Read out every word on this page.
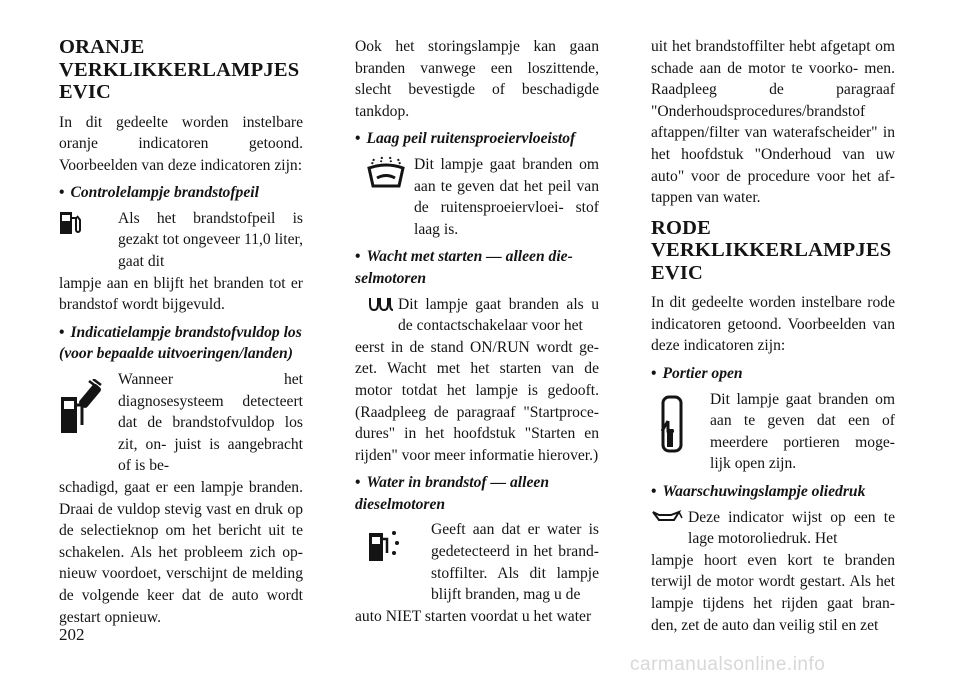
ORANJE VERKLIKKERLAMPJES EVIC

In dit gedeelte worden instelbare oranje indicatoren getoond. Voorbeelden van deze indicatoren zijn:

• Controlelampje brandstofpeil

Als het brandstofpeil is gezakt tot ongeveer 11,0 liter, gaat dit

lampje aan en blijft het branden tot er brandstof wordt bijgevuld.

• Indicatielampje brandstofvuldop los (voor bepaalde uitvoeringen/landen)

Wanneer het diagnosesysteem detecteert dat de brandstofvuldop los zit, on- juist is aangebracht of is be-

schadigd, gaat er een lampje branden. Draai de vuldop stevig vast en druk op de selectieknop om het bericht uit te schakelen. Als het probleem zich op- nieuw voordoet, verschijnt de melding de volgende keer dat de auto wordt gestart opnieuw.

Ook het storingslampje kan gaan branden vanwege een loszittende, slecht bevestigde of beschadigde tankdop.

• Laag peil ruitensproeiervloeistof

Dit lampje gaat branden om aan te geven dat het peil van de ruitensproeiervloei- stof laag is.

• Wacht met starten — alleen die- selmotoren

Dit lampje gaat branden als u de contactschakelaar voor het

eerst in de stand ON/RUN wordt ge- zet. Wacht met het starten van de motor totdat het lampje is gedooft. (Raadpleeg de paragraaf "Startproce- dures" in het hoofdstuk "Starten en rijden" voor meer informatie hierover.)

• Water in brandstof — alleen dieselmotoren

Geeft aan dat er water is gedetecteerd in het brand- stoffilter. Als dit lampje blijft branden, mag u de

auto NIET starten voordat u het water

uit het brandstoffilter hebt afgetapt om schade aan de motor te voorko- men. Raadpleeg de paragraaf "Onderhoudsprocedures/brandstof aftappen/filter van waterafscheider" in het hoofdstuk "Onderhoud van uw auto" voor de procedure voor het af- tappen van water.

RODE VERKLIKKERLAMPJES EVIC

In dit gedeelte worden instelbare rode indicatoren getoond. Voorbeelden van deze indicatoren zijn:

• Portier open

Dit lampje gaat branden om aan te geven dat een of meerdere portieren moge- lijk open zijn.

• Waarschuwingslampje oliedruk

Deze indicator wijst op een te lage motoroliedruk. Het

lampje hoort even kort te branden terwijl de motor wordt gestart. Als het lampje tijdens het rijden gaat bran- den, zet de auto dan veilig stil en zet

202
carmanualsonline.info
